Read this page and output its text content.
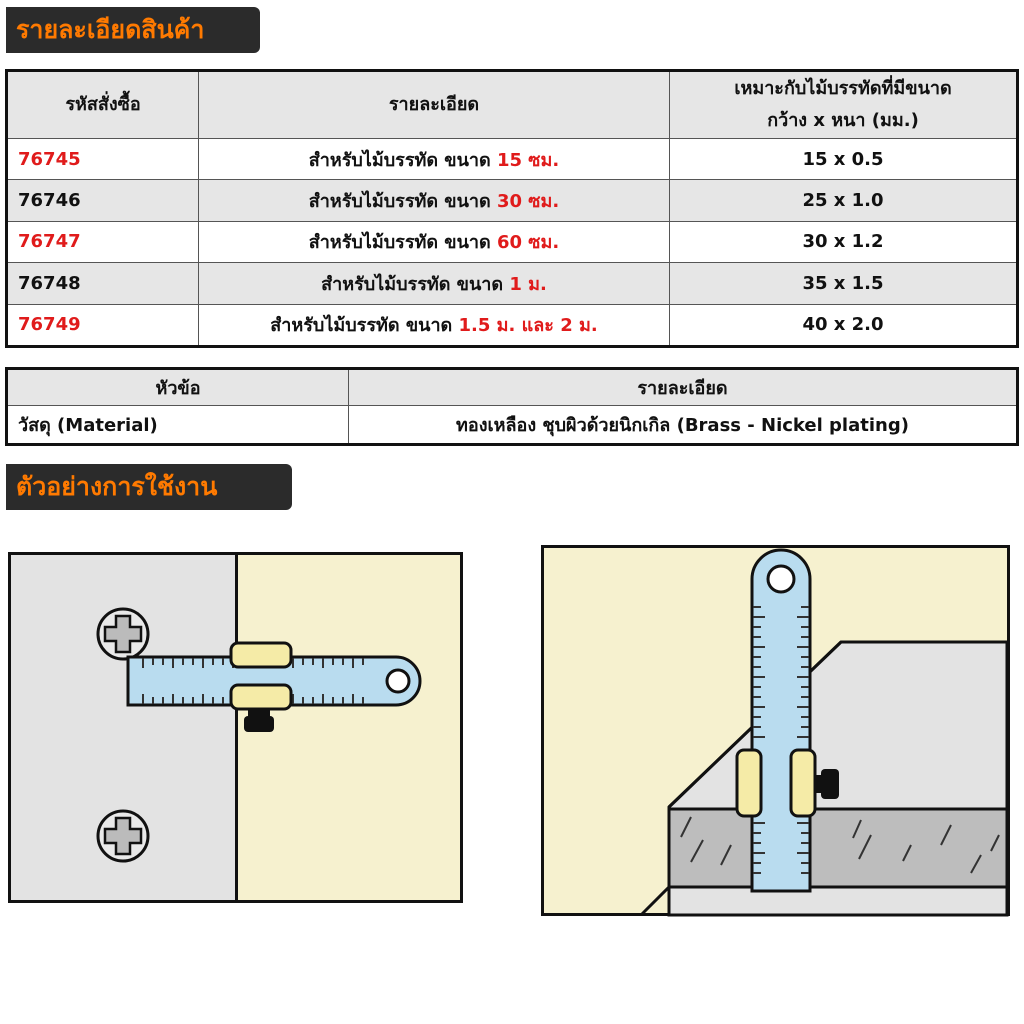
รายละเอียดสินค้า
รหัสสั่งซื้อ	รายละเอียด	เหมาะกับไม้บรรทัดที่มีขนาด
กว้าง x หนา (มม.)

76745	สำหรับไม้บรรทัด ขนาด 15 ซม.	15 x 0.5
76746	สำหรับไม้บรรทัด ขนาด 30 ซม.	25 x 1.0
76747	สำหรับไม้บรรทัด ขนาด 60 ซม.	30 x 1.2
76748	สำหรับไม้บรรทัด ขนาด 1 ม.	35 x 1.5
76749	สำหรับไม้บรรทัด ขนาด 1.5 ม. และ 2 ม.	40 x 2.0
หัวข้อ	รายละเอียด
วัสดุ (Material)	ทองเหลือง ชุบผิวด้วยนิกเกิล (Brass - Nickel plating)
ตัวอย่างการใช้งาน
